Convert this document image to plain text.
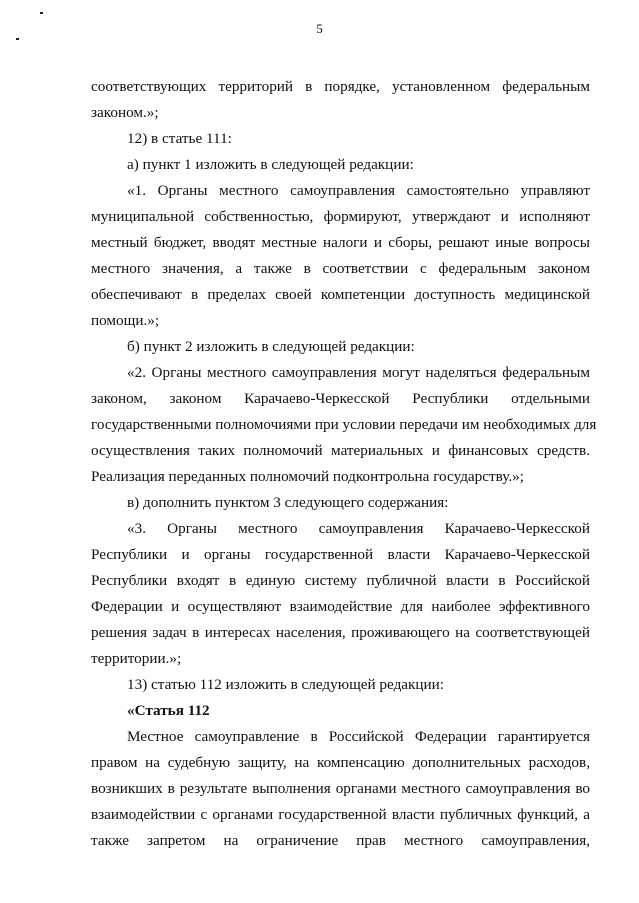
5
соответствующих территорий в порядке, установленном федеральным
законом.»;
12) в статье 111:
а) пункт 1 изложить в следующей редакции:
«1. Органы местного самоуправления самостоятельно управляют
муниципальной собственностью, формируют, утверждают и исполняют
местный бюджет, вводят местные налоги и сборы, решают иные вопросы
местного значения, а также в соответствии с федеральным законом
обеспечивают в пределах своей компетенции доступность медицинской
помощи.»;
б) пункт 2 изложить в следующей редакции:
«2. Органы местного самоуправления могут наделяться федеральным
законом, законом Карачаево-Черкесской Республики отдельными
государственными полномочиями при условии передачи им необходимых для
осуществления таких полномочий материальных и финансовых средств.
Реализация переданных полномочий подконтрольна государству.»;
в) дополнить пунктом 3 следующего содержания:
«3. Органы местного самоуправления Карачаево-Черкесской
Республики и органы государственной власти Карачаево-Черкесской
Республики входят в единую систему публичной власти в Российской
Федерации и осуществляют взаимодействие для наиболее эффективного
решения задач в интересах населения, проживающего на соответствующей
территории.»;
13) статью 112 изложить в следующей редакции:
«Статья 112
Местное самоуправление в Российской Федерации гарантируется
правом на судебную защиту, на компенсацию дополнительных расходов,
возникших в результате выполнения органами местного самоуправления во
взаимодействии с органами государственной власти публичных функций, а
также запретом на ограничение прав местного самоуправления,
